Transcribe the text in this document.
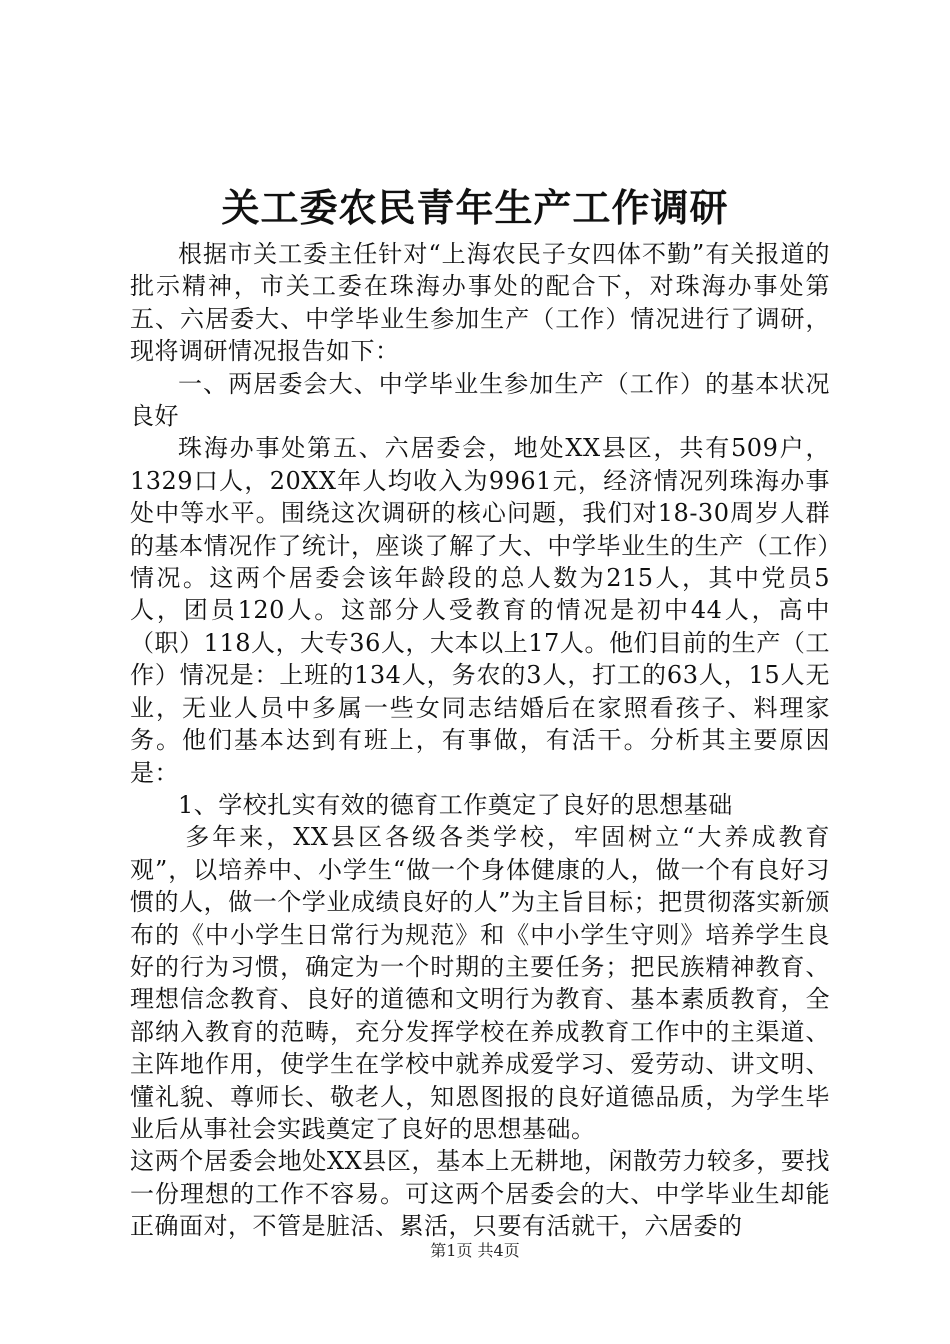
关工委农民青年生产工作调研

根据市关工委主任针对“上海农民子女四体不勤”有关报道的批示精神，市关工委在珠海办事处的配合下，对珠海办事处第五、六居委大、中学毕业生参加生产（工作）情况进行了调研，现将调研情况报告如下：

一、两居委会大、中学毕业生参加生产（工作）的基本状况良好

珠海办事处第五、六居委会，地处XX县区，共有509户，1329口人，20XX年人均收入为9961元，经济情况列珠海办事处中等水平。围绕这次调研的核心问题，我们对18-30周岁人群的基本情况作了统计，座谈了解了大、中学毕业生的生产（工作）情况。这两个居委会该年龄段的总人数为215人，其中党员5人，团员120人。这部分人受教育的情况是初中44人，高中（职）118人，大专36人，大本以上17人。他们目前的生产（工作）情况是：上班的134人，务农的3人，打工的63人，15人无业，无业人员中多属一些女同志结婚后在家照看孩子、料理家务。他们基本达到有班上，有事做，有活干。分析其主要原因是：

1、学校扎实有效的德育工作奠定了良好的思想基础

多年来，XX县区各级各类学校，牢固树立“大养成教育观”，以培养中、小学生“做一个身体健康的人，做一个有良好习惯的人，做一个学业成绩良好的人”为主旨目标；把贯彻落实新颁布的《中小学生日常行为规范》和《中小学生守则》培养学生良好的行为习惯，确定为一个时期的主要任务；把民族精神教育、理想信念教育、良好的道德和文明行为教育、基本素质教育，全部纳入教育的范畴，充分发挥学校在养成教育工作中的主渠道、主阵地作用，使学生在学校中就养成爱学习、爱劳动、讲文明、懂礼貌、尊师长、敬老人，知恩图报的良好道德品质，为学生毕业后从事社会实践奠定了良好的思想基础。

这两个居委会地处XX县区，基本上无耕地，闲散劳力较多，要找一份理想的工作不容易。可这两个居委会的大、中学毕业生却能正确面对，不管是脏活、累活，只要有活就干，六居委的

第1页 共4页
